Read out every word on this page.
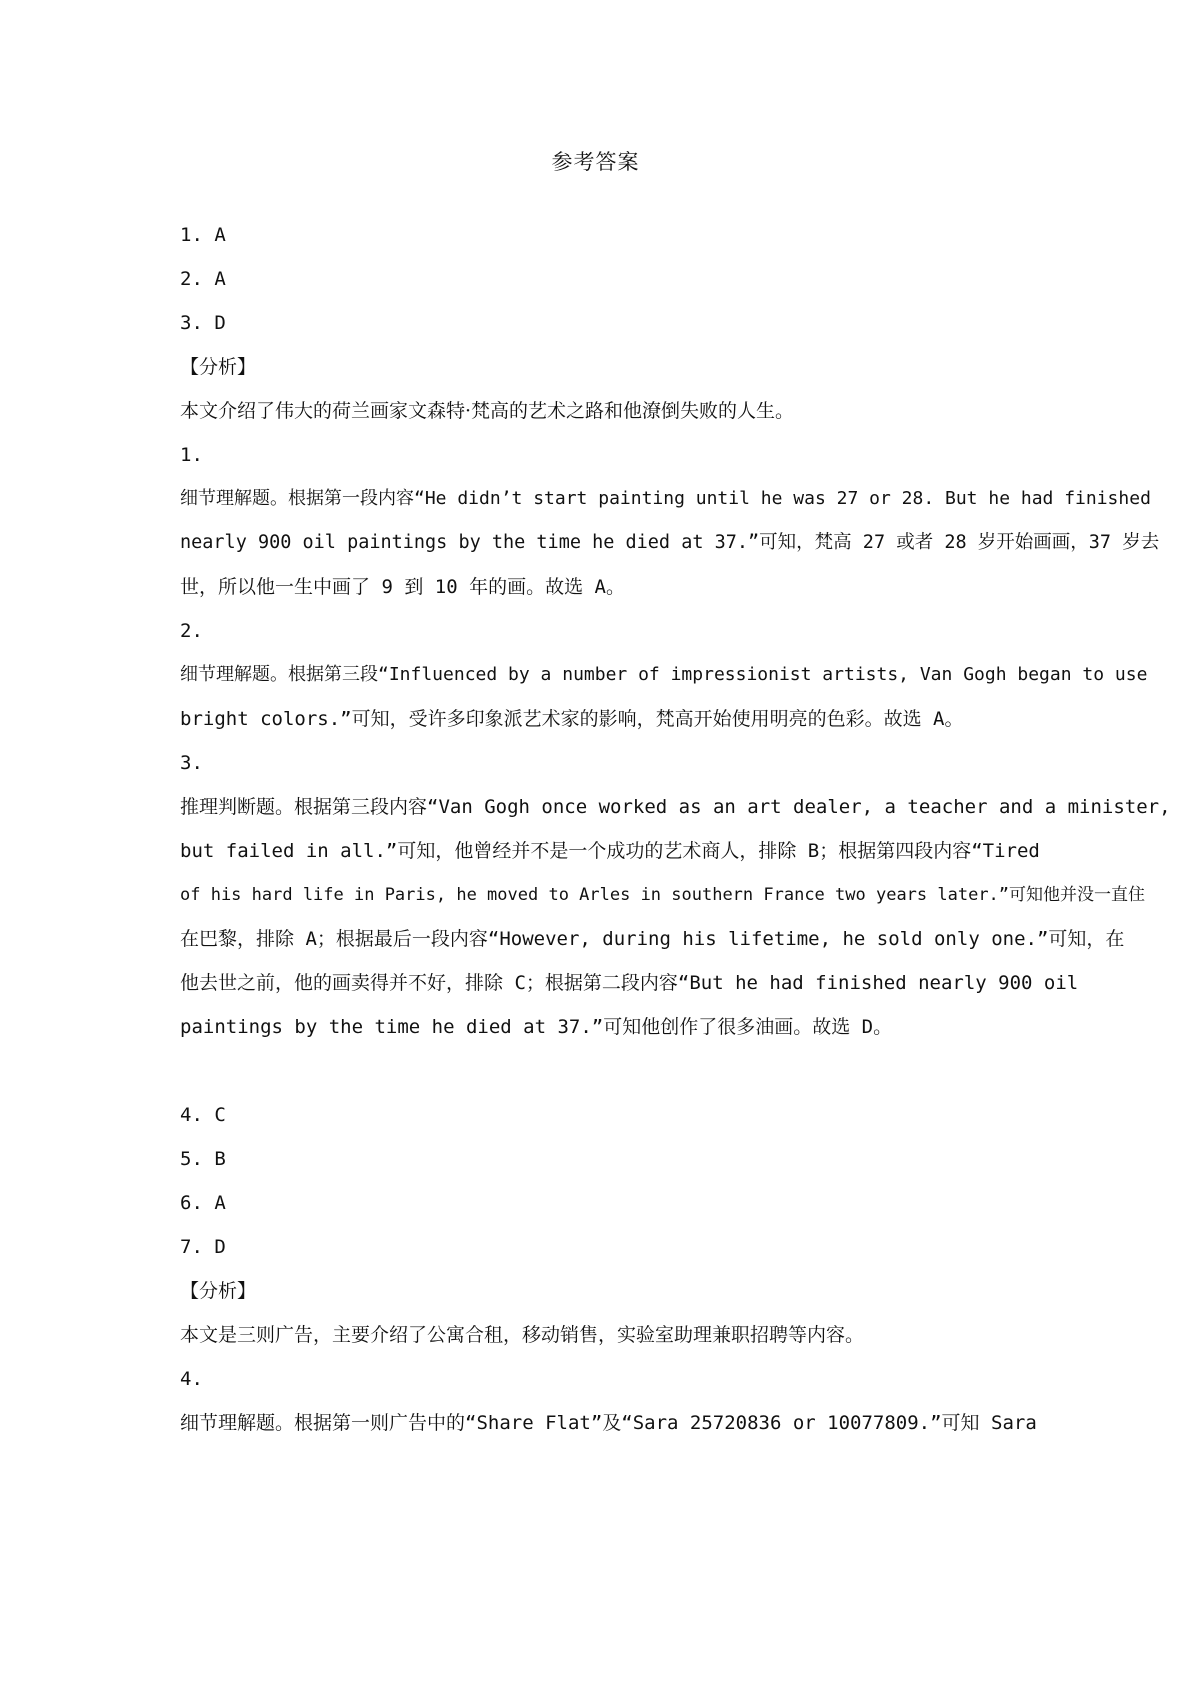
参考答案
1. A
2. A
3. D
【分析】
本文介绍了伟大的荷兰画家文森特·梵高的艺术之路和他潦倒失败的人生。
1.
细节理解题。根据第一段内容“He didn’t start painting until he was 27 or 28. But he had finished
nearly 900 oil paintings by the time he died at 37.”可知，梵高 27 或者 28 岁开始画画，37 岁去
世，所以他一生中画了 9 到 10 年的画。故选 A。
2.
细节理解题。根据第三段“Influenced by a number of impressionist artists, Van Gogh began to use
bright colors.”可知，受许多印象派艺术家的影响，梵高开始使用明亮的色彩。故选 A。
3.
推理判断题。根据第三段内容“Van Gogh once worked as an art dealer, a teacher and a minister,
but failed in all.”可知，他曾经并不是一个成功的艺术商人，排除 B；根据第四段内容“Tired
of his hard life in Paris, he moved to Arles in southern France two years later.”可知他并没一直住
在巴黎，排除 A；根据最后一段内容“However, during his lifetime, he sold only one.”可知，在
他去世之前，他的画卖得并不好，排除 C；根据第二段内容“But he had finished nearly 900 oil
paintings by the time he died at 37.”可知他创作了很多油画。故选 D。
4. C
5. B
6. A
7. D
【分析】
本文是三则广告，主要介绍了公寓合租，移动销售，实验室助理兼职招聘等内容。
4.
细节理解题。根据第一则广告中的“Share Flat”及“Sara 25720836 or 10077809.”可知 Sara
